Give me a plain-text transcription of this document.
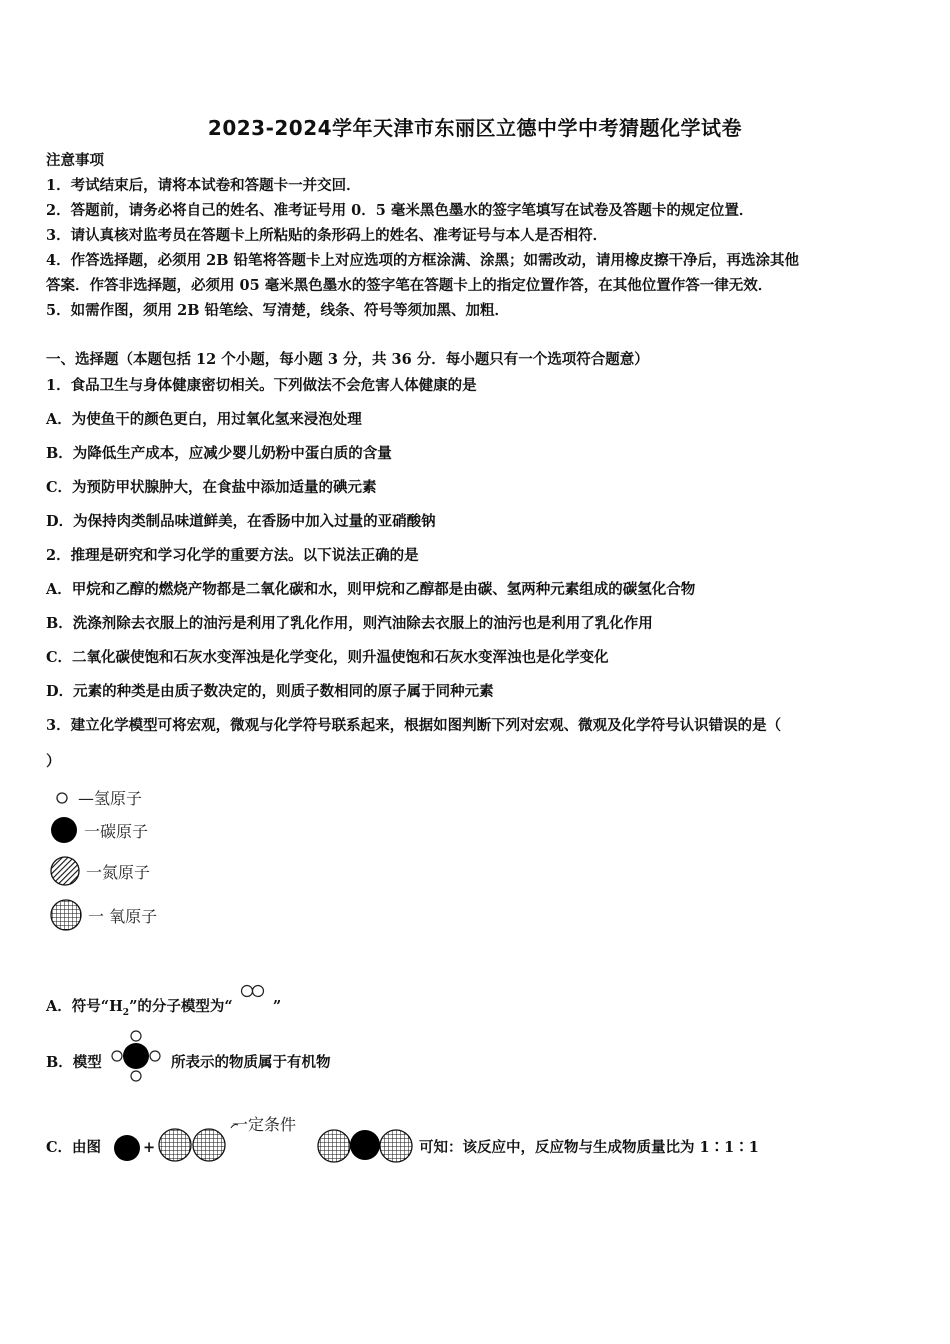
2023-2024学年天津市东丽区立德中学中考猜题化学试卷
注意事项
1．考试结束后，请将本试卷和答题卡一并交回．
2．答题前，请务必将自己的姓名、准考证号用 0．5 毫米黑色墨水的签字笔填写在试卷及答题卡的规定位置．
3．请认真核对监考员在答题卡上所粘贴的条形码上的姓名、准考证号与本人是否相符．
4．作答选择题，必须用 2B 铅笔将答题卡上对应选项的方框涂满、涂黑；如需改动，请用橡皮擦干净后，再选涂其他
答案．作答非选择题，必须用 05 毫米黑色墨水的签字笔在答题卡上的指定位置作答，在其他位置作答一律无效．
5．如需作图，须用 2B 铅笔绘、写清楚，线条、符号等须加黑、加粗．
一、选择题（本题包括 12 个小题，每小题 3 分，共 36 分．每小题只有一个选项符合题意）
1．食品卫生与身体健康密切相关。下列做法不会危害人体健康的是
A．为使鱼干的颜色更白，用过氧化氢来浸泡处理
B．为降低生产成本，应减少婴儿奶粉中蛋白质的含量
C．为预防甲状腺肿大，在食盐中添加适量的碘元素
D．为保持肉类制品味道鲜美，在香肠中加入过量的亚硝酸钠
2．推理是研究和学习化学的重要方法。以下说法正确的是
A．甲烷和乙醇的燃烧产物都是二氧化碳和水，则甲烷和乙醇都是由碳、氢两种元素组成的碳氢化合物
B．洗涤剂除去衣服上的油污是利用了乳化作用，则汽油除去衣服上的油污也是利用了乳化作用
C．二氧化碳使饱和石灰水变浑浊是化学变化，则升温使饱和石灰水变浑浊也是化学变化
D．元素的种类是由质子数决定的，则质子数相同的原子属于同种元素
3．建立化学模型可将宏观，微观与化学符号联系起来，根据如图判断下列对宏观、微观及化学符号认识错误的是（
）
—氢原子
一碳原子
一氮原子
一 氧原子
A．符号“$H_2$”的分子模型为“	”
B．模型	所表示的物质属于有机物
C．由图	+
一定条件
可知：该反应中，反应物与生成物质量比为 1∶1∶1
